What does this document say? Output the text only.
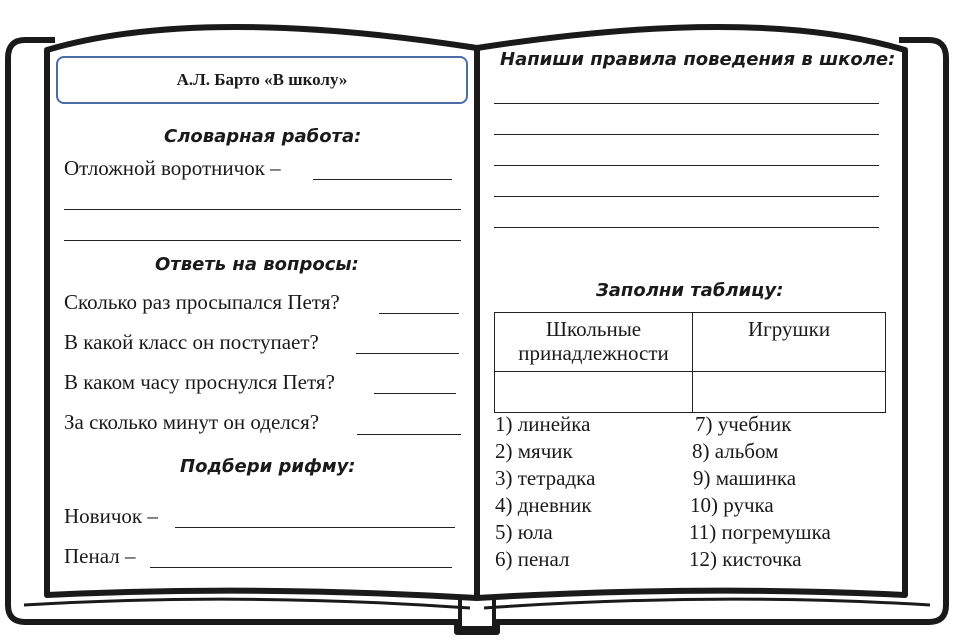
А.Л. Барто «В школу»
Словарная работа:
Отложной воротничок –
Ответь на вопросы:
Сколько раз просыпался Петя?
В какой класс он поступает?
В каком часу проснулся Петя?
За сколько минут он оделся?
Подбери рифму:
Новичок –
Пенал –
Напиши правила поведения в школе:
Заполни таблицу:
Школьные принадлежности	Игрушки

1) линейка
2) мячик
3) тетрадка
4) дневник
5) юла
6) пенал
7) учебник
8) альбом
9) машинка
10) ручка
11) погремушка
12) кисточка
